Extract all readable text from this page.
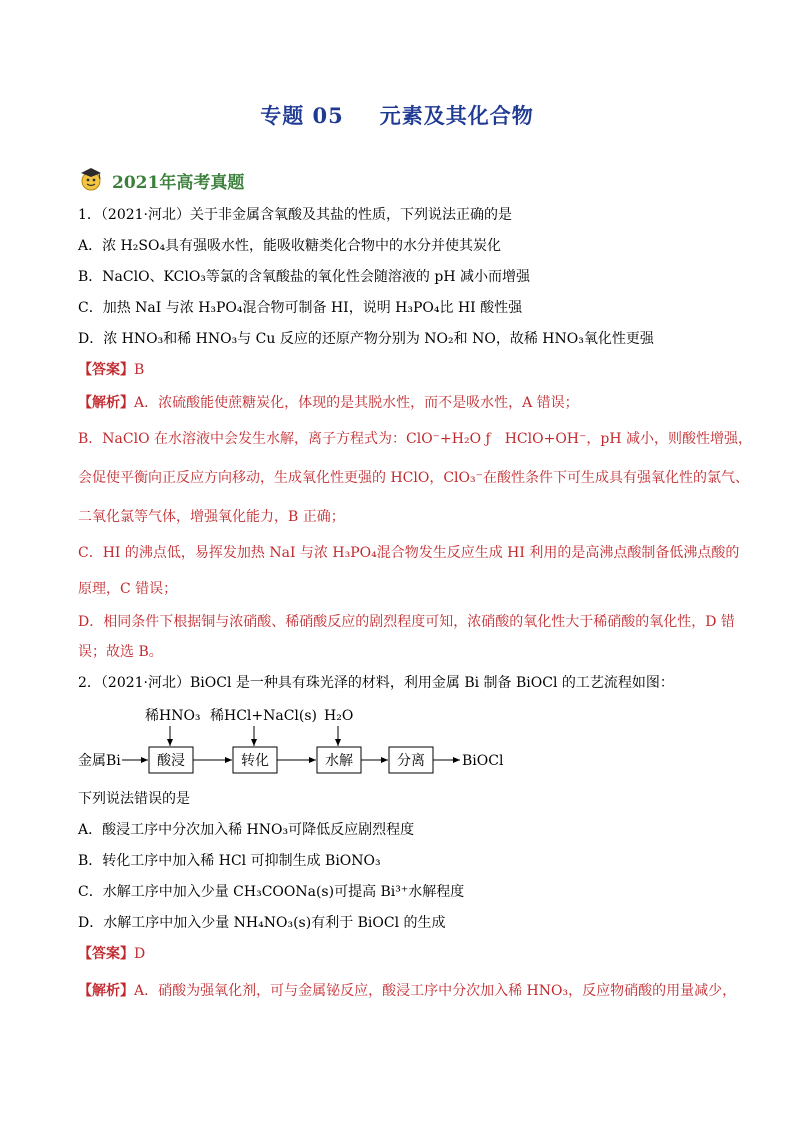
专题 05 元素及其化合物
2021年高考真题
1．（2021·河北）关于非金属含氧酸及其盐的性质，下列说法正确的是
A．浓 H₂SO₄具有强吸水性，能吸收糖类化合物中的水分并使其炭化
B．NaClO、KClO₃等氯的含氧酸盐的氧化性会随溶液的 pH 减小而增强
C．加热 NaI 与浓 H₃PO₄混合物可制备 HI，说明 H₃PO₄比 HI 酸性强
D．浓 HNO₃和稀 HNO₃与 Cu 反应的还原产物分别为 NO₂和 NO，故稀 HNO₃氧化性更强
【答案】B
【解析】A．浓硫酸能使蔗糖炭化，体现的是其脱水性，而不是吸水性，A 错误；
B．NaClO 在水溶液中会发生水解，离子方程式为：ClO⁻+H₂O ƒ　HClO+OH⁻，pH 减小，则酸性增强，
会促使平衡向正反应方向移动，生成氧化性更强的 HClO，ClO₃⁻在酸性条件下可生成具有强氧化性的氯气、
二氧化氯等气体，增强氧化能力，B 正确；
C．HI 的沸点低，易挥发加热 NaI 与浓 H₃PO₄混合物发生反应生成 HI 利用的是高沸点酸制备低沸点酸的
原理，C 错误；
D．相同条件下根据铜与浓硝酸、稀硝酸反应的剧烈程度可知，浓硝酸的氧化性大于稀硝酸的氧化性，D 错
误；故选 B。
2．（2021·河北）BiOCl 是一种具有珠光泽的材料，利用金属 Bi 制备 BiOCl 的工艺流程如图：
稀HNO₃ 稀HCl+NaCl(s) H₂O
金属Bi	酸浸	转化	水解	分离	BiOCl
下列说法错误的是
A．酸浸工序中分次加入稀 HNO₃可降低反应剧烈程度
B．转化工序中加入稀 HCl 可抑制生成 BiONO₃
C．水解工序中加入少量 CH₃COONa(s)可提高 Bi³⁺水解程度
D．水解工序中加入少量 NH₄NO₃(s)有利于 BiOCl 的生成
【答案】D
【解析】A．硝酸为强氧化剂，可与金属铋反应，酸浸工序中分次加入稀 HNO₃，反应物硝酸的用量减少，
